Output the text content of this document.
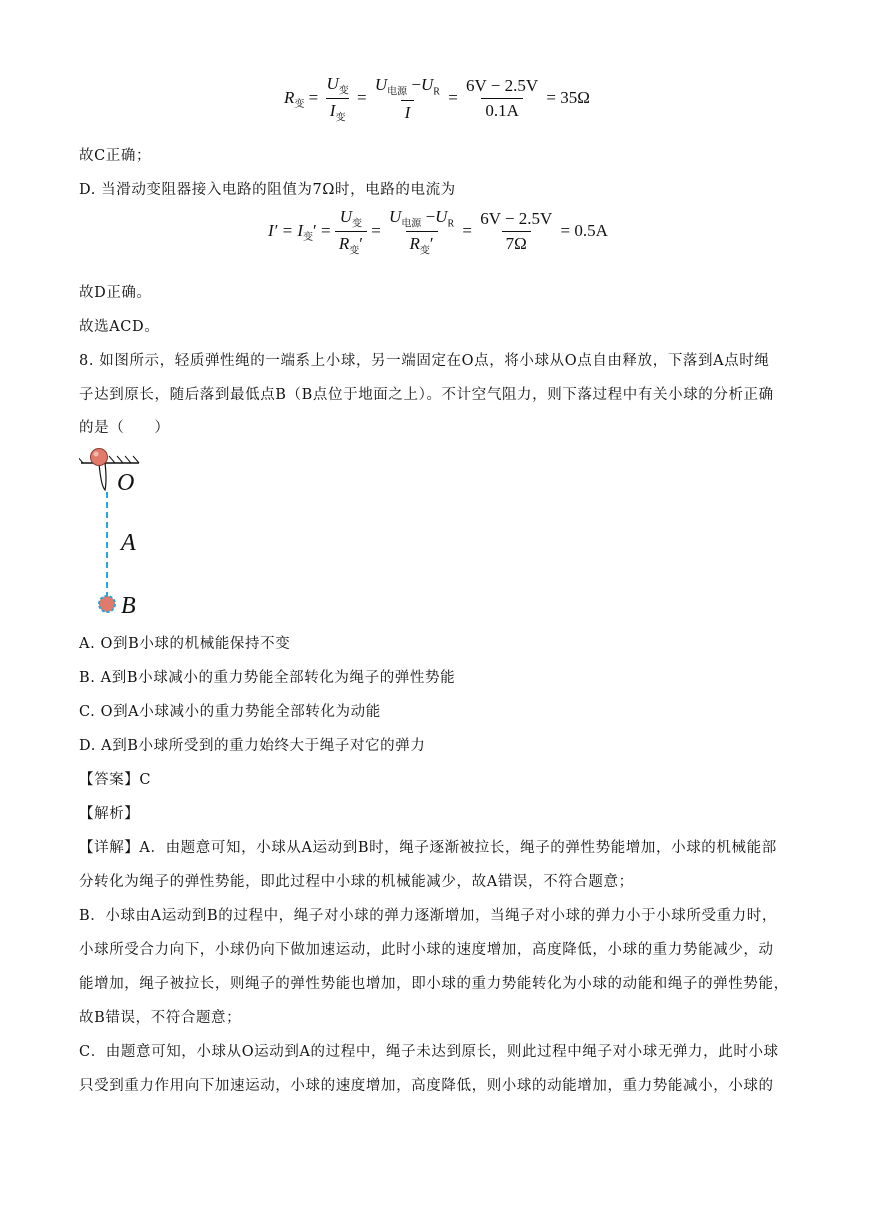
$R_变 = \frac{U_变}{I_变} = \frac{U_{电源} -U_R}{I} = \frac{6V - 2.5V}{0.1A} = 35\Omega$
故C正确；
D. 当滑动变阻器接入电路的阻值为7Ω时，电路的电流为
$I' = I_变' = \frac{U_变}{R_变'} = \frac{U_{电源} -U_R}{R_变'} = \frac{6V - 2.5V}{7\Omega} = 0.5A$
故D正确。
故选ACD。
8. 如图所示，轻质弹性绳的一端系上小球，另一端固定在O点，将小球从O点自由释放，下落到A点时绳
子达到原长，随后落到最低点B（B点位于地面之上）。不计空气阻力，则下落过程中有关小球的分析正确
的是（　　）
O
A
B
A. O到B小球的机械能保持不变
B. A到B小球减小的重力势能全部转化为绳子的弹性势能
C. O到A小球减小的重力势能全部转化为动能
D. A到B小球所受到的重力始终大于绳子对它的弹力
【答案】C
【解析】
【详解】A．由题意可知，小球从A运动到B时，绳子逐渐被拉长，绳子的弹性势能增加，小球的机械能部
分转化为绳子的弹性势能，即此过程中小球的机械能减少，故A错误，不符合题意；
B．小球由A运动到B的过程中，绳子对小球的弹力逐渐增加，当绳子对小球的弹力小于小球所受重力时，
小球所受合力向下，小球仍向下做加速运动，此时小球的速度增加，高度降低，小球的重力势能减少，动
能增加，绳子被拉长，则绳子的弹性势能也增加，即小球的重力势能转化为小球的动能和绳子的弹性势能，
故B错误，不符合题意；
C．由题意可知，小球从O运动到A的过程中，绳子未达到原长，则此过程中绳子对小球无弹力，此时小球
只受到重力作用向下加速运动，小球的速度增加，高度降低，则小球的动能增加，重力势能减小，小球的
